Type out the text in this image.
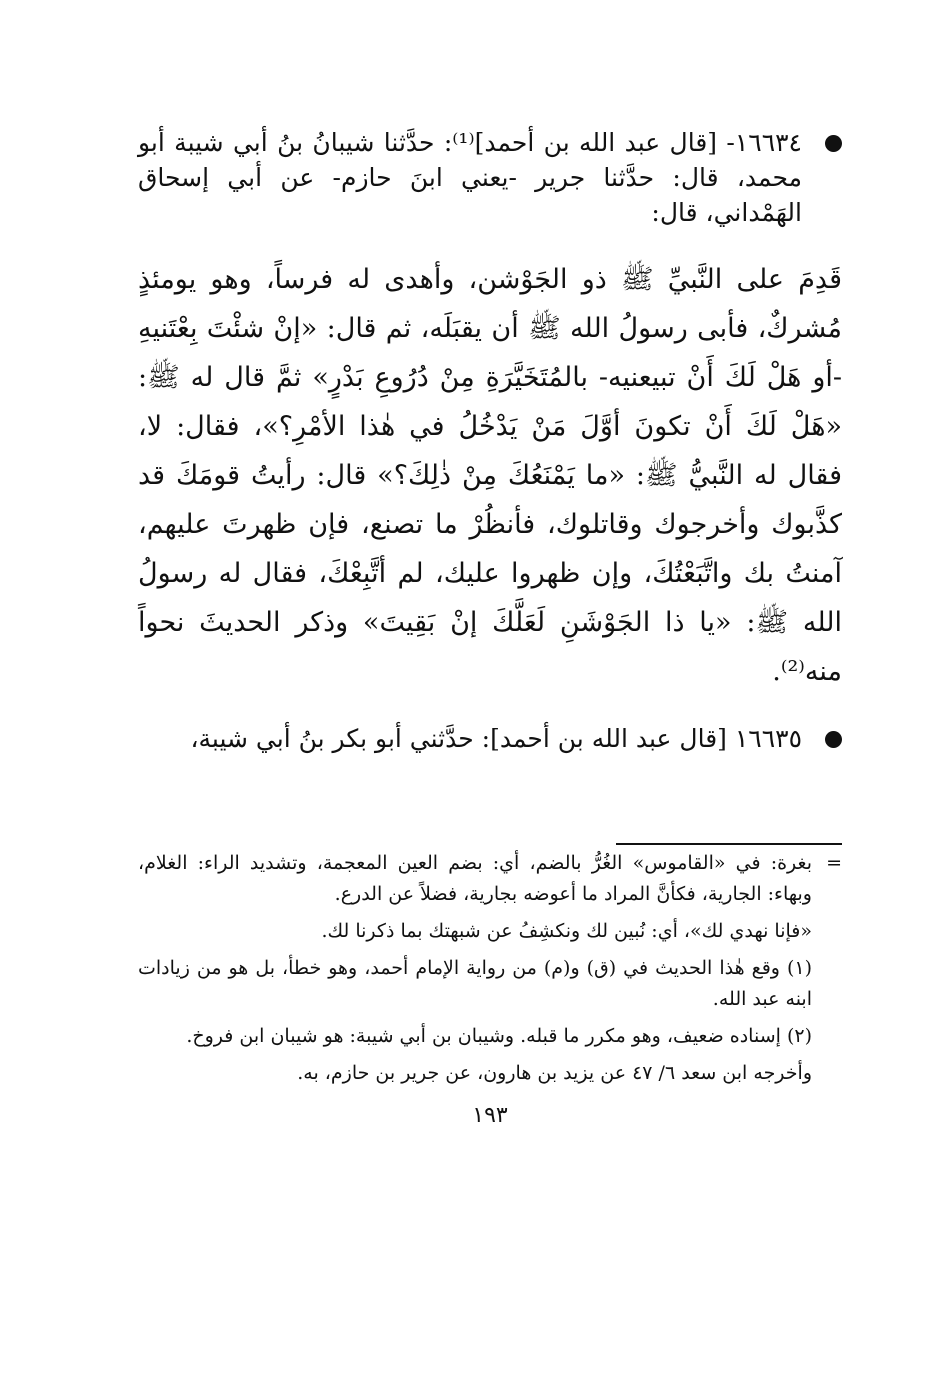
١٦٦٣٤- [قال عبد الله بن أحمد]⁽¹⁾: حدَّثنا شيبانُ بنُ أبي شيبة أبو محمد، قال: حدَّثنا جرير -يعني ابنَ حازم- عن أبي إسحاق الهَمْداني، قال:

قَدِمَ على النَّبيِّ ﷺ ذو الجَوْشن، وأهدى له فرساً، وهو يومئذٍ مُشركٌ، فأبى رسولُ الله ﷺ أن يقبَلَه، ثم قال: «إنْ شئْتَ بِعْتَنيهِ -أو هَلْ لَكَ أَنْ تبيعنيه- بالمُتَخَيَّرَةِ مِنْ دُرُوعِ بَدْرٍ» ثمَّ قال له ﷺ: «هَلْ لَكَ أَنْ تكونَ أوَّلَ مَنْ يَدْخُلُ في هٰذا الأمْرِ؟»، فقال: لا، فقال له النَّبيُّ ﷺ: «ما يَمْنَعُكَ مِنْ ذٰلِكَ؟» قال: رأيتُ قومَكَ قد كذَّبوك وأخرجوك وقاتلوك، فأنظُرْ ما تصنع، فإن ظهرتَ عليهم، آمنتُ بك واتَّبَعْتُكَ، وإن ظهروا عليك، لم أتَّبِعْكَ، فقال له رسولُ الله ﷺ: «يا ذا الجَوْشَنِ لَعَلَّكَ إنْ بَقِيتَ» وذكر الحديثَ نحواً منه⁽²⁾.

١٦٦٣٥ [قال عبد الله بن أحمد]: حدَّثني أبو بكر بنُ أبي شيبة،

=
بغرة: في «القاموس» الغُرُّ بالضم، أي: بضم العين المعجمة، وتشديد الراء: الغلام، وبهاء: الجارية، فكأنَّ المراد ما أعوضه بجارية، فضلاً عن الدرع.

«فإنا نهدي لك»، أي: نُبين لك ونكشِفُ عن شبهتك بما ذكرنا لك.

(١) وقع هٰذا الحديث في (ق) و(م) من رواية الإمام أحمد، وهو خطأ، بل هو من زيادات ابنه عبد الله.

(٢) إسناده ضعيف، وهو مكرر ما قبله. وشيبان بن أبي شيبة: هو شيبان ابن فروخ.

وأخرجه ابن سعد ٦/ ٤٧ عن يزيد بن هارون، عن جرير بن حازم، به.

١٩٣
